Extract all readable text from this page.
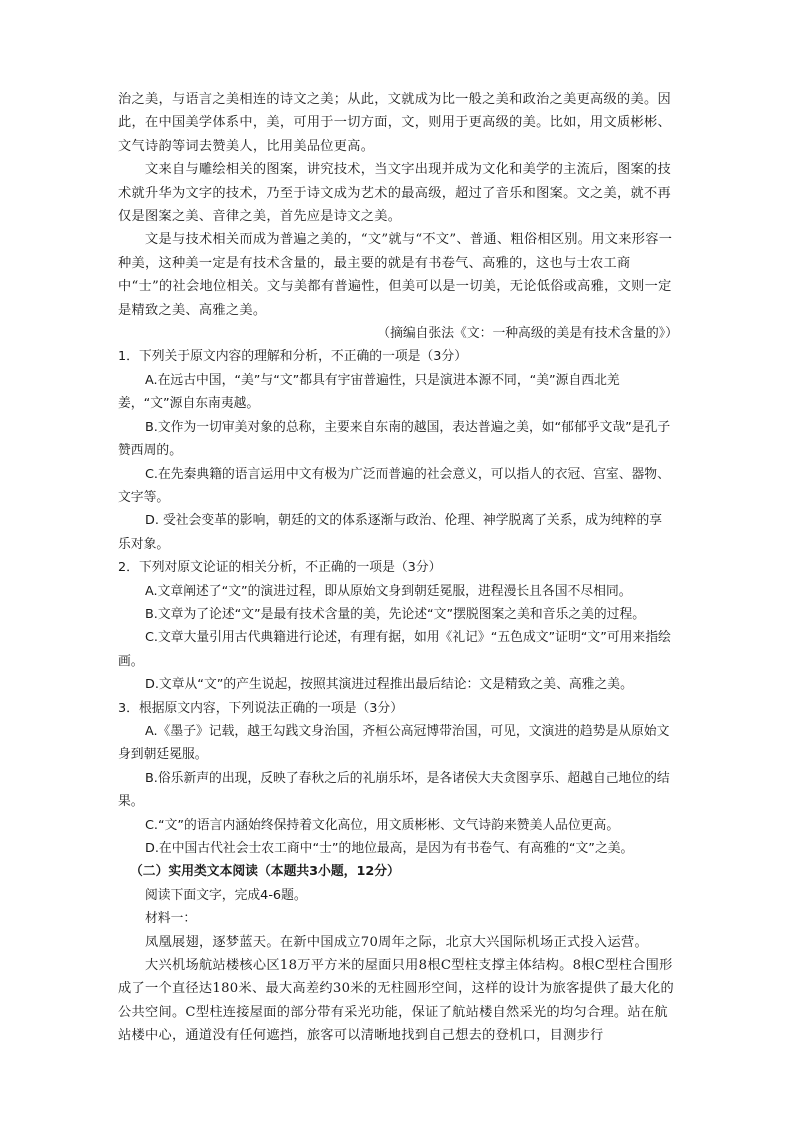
治之美，与语言之美相连的诗文之美；从此，文就成为比一般之美和政治之美更高级的美。因此，在中国美学体系中，美，可用于一切方面，文，则用于更高级的美。比如，用文质彬彬、文气诗韵等词去赞美人，比用美品位更高。

文来自与雕绘相关的图案，讲究技术，当文字出现并成为文化和美学的主流后，图案的技术就升华为文字的技术，乃至于诗文成为艺术的最高级，超过了音乐和图案。文之美，就不再仅是图案之美、音律之美，首先应是诗文之美。

文是与技术相关而成为普遍之美的，“文”就与“不文”、普通、粗俗相区别。用文来形容一种美，这种美一定是有技术含量的，最主要的就是有书卷气、高雅的，这也与士农工商中“士”的社会地位相关。文与美都有普遍性，但美可以是一切美，无论低俗或高雅，文则一定是精致之美、高雅之美。

（摘编自张法《文：一种高级的美是有技术含量的》）

1．下列关于原文内容的理解和分析，不正确的一项是（3分）

A.在远古中国，“美”与“文”都具有宇宙普遍性，只是演进本源不同，“美”源自西北羌姜，“文”源自东南夷越。

B.文作为一切审美对象的总称，主要来自东南的越国，表达普遍之美，如“郁郁乎文哉”是孔子赞西周的。

C.在先秦典籍的语言运用中文有极为广泛而普遍的社会意义，可以指人的衣冠、宫室、器物、文字等。

D. 受社会变革的影响，朝廷的文的体系逐渐与政治、伦理、神学脱离了关系，成为纯粹的享乐对象。

2．下列对原文论证的相关分析，不正确的一项是（3分）

A.文章阐述了“文”的演进过程，即从原始文身到朝廷冕服，进程漫长且各国不尽相同。

B.文章为了论述“文”是最有技术含量的美，先论述“文”摆脱图案之美和音乐之美的过程。

C.文章大量引用古代典籍进行论述，有理有据，如用《礼记》“五色成文”证明“文”可用来指绘画。

D.文章从“文”的产生说起，按照其演进过程推出最后结论：文是精致之美、高雅之美。

3．根据原文内容，下列说法正确的一项是（3分）

A.《墨子》记载，越王勾践文身治国，齐桓公高冠博带治国，可见，文演进的趋势是从原始文身到朝廷冕服。

B.俗乐新声的出现，反映了春秋之后的礼崩乐坏，是各诸侯大夫贪图享乐、超越自己地位的结果。

C.“文”的语言内涵始终保持着文化高位，用文质彬彬、文气诗韵来赞美人品位更高。

D.在中国古代社会士农工商中“士”的地位最高，是因为有书卷气、有高雅的“文”之美。

（二）实用类文本阅读（本题共3小题，12分）

阅读下面文字，完成4-6题。

材料一：

凤凰展翅，逐梦蓝天。在新中国成立70周年之际，北京大兴国际机场正式投入运营。

大兴机场航站楼核心区18万平方米的屋面只用8根C型柱支撑主体结构。8根C型柱合围形成了一个直径达180米、最大高差约30米的无柱圆形空间，这样的设计为旅客提供了最大化的公共空间。C型柱连接屋面的部分带有采光功能，保证了航站楼自然采光的均匀合理。站在航站楼中心，通道没有任何遮挡，旅客可以清晰地找到自己想去的登机口，目测步行
